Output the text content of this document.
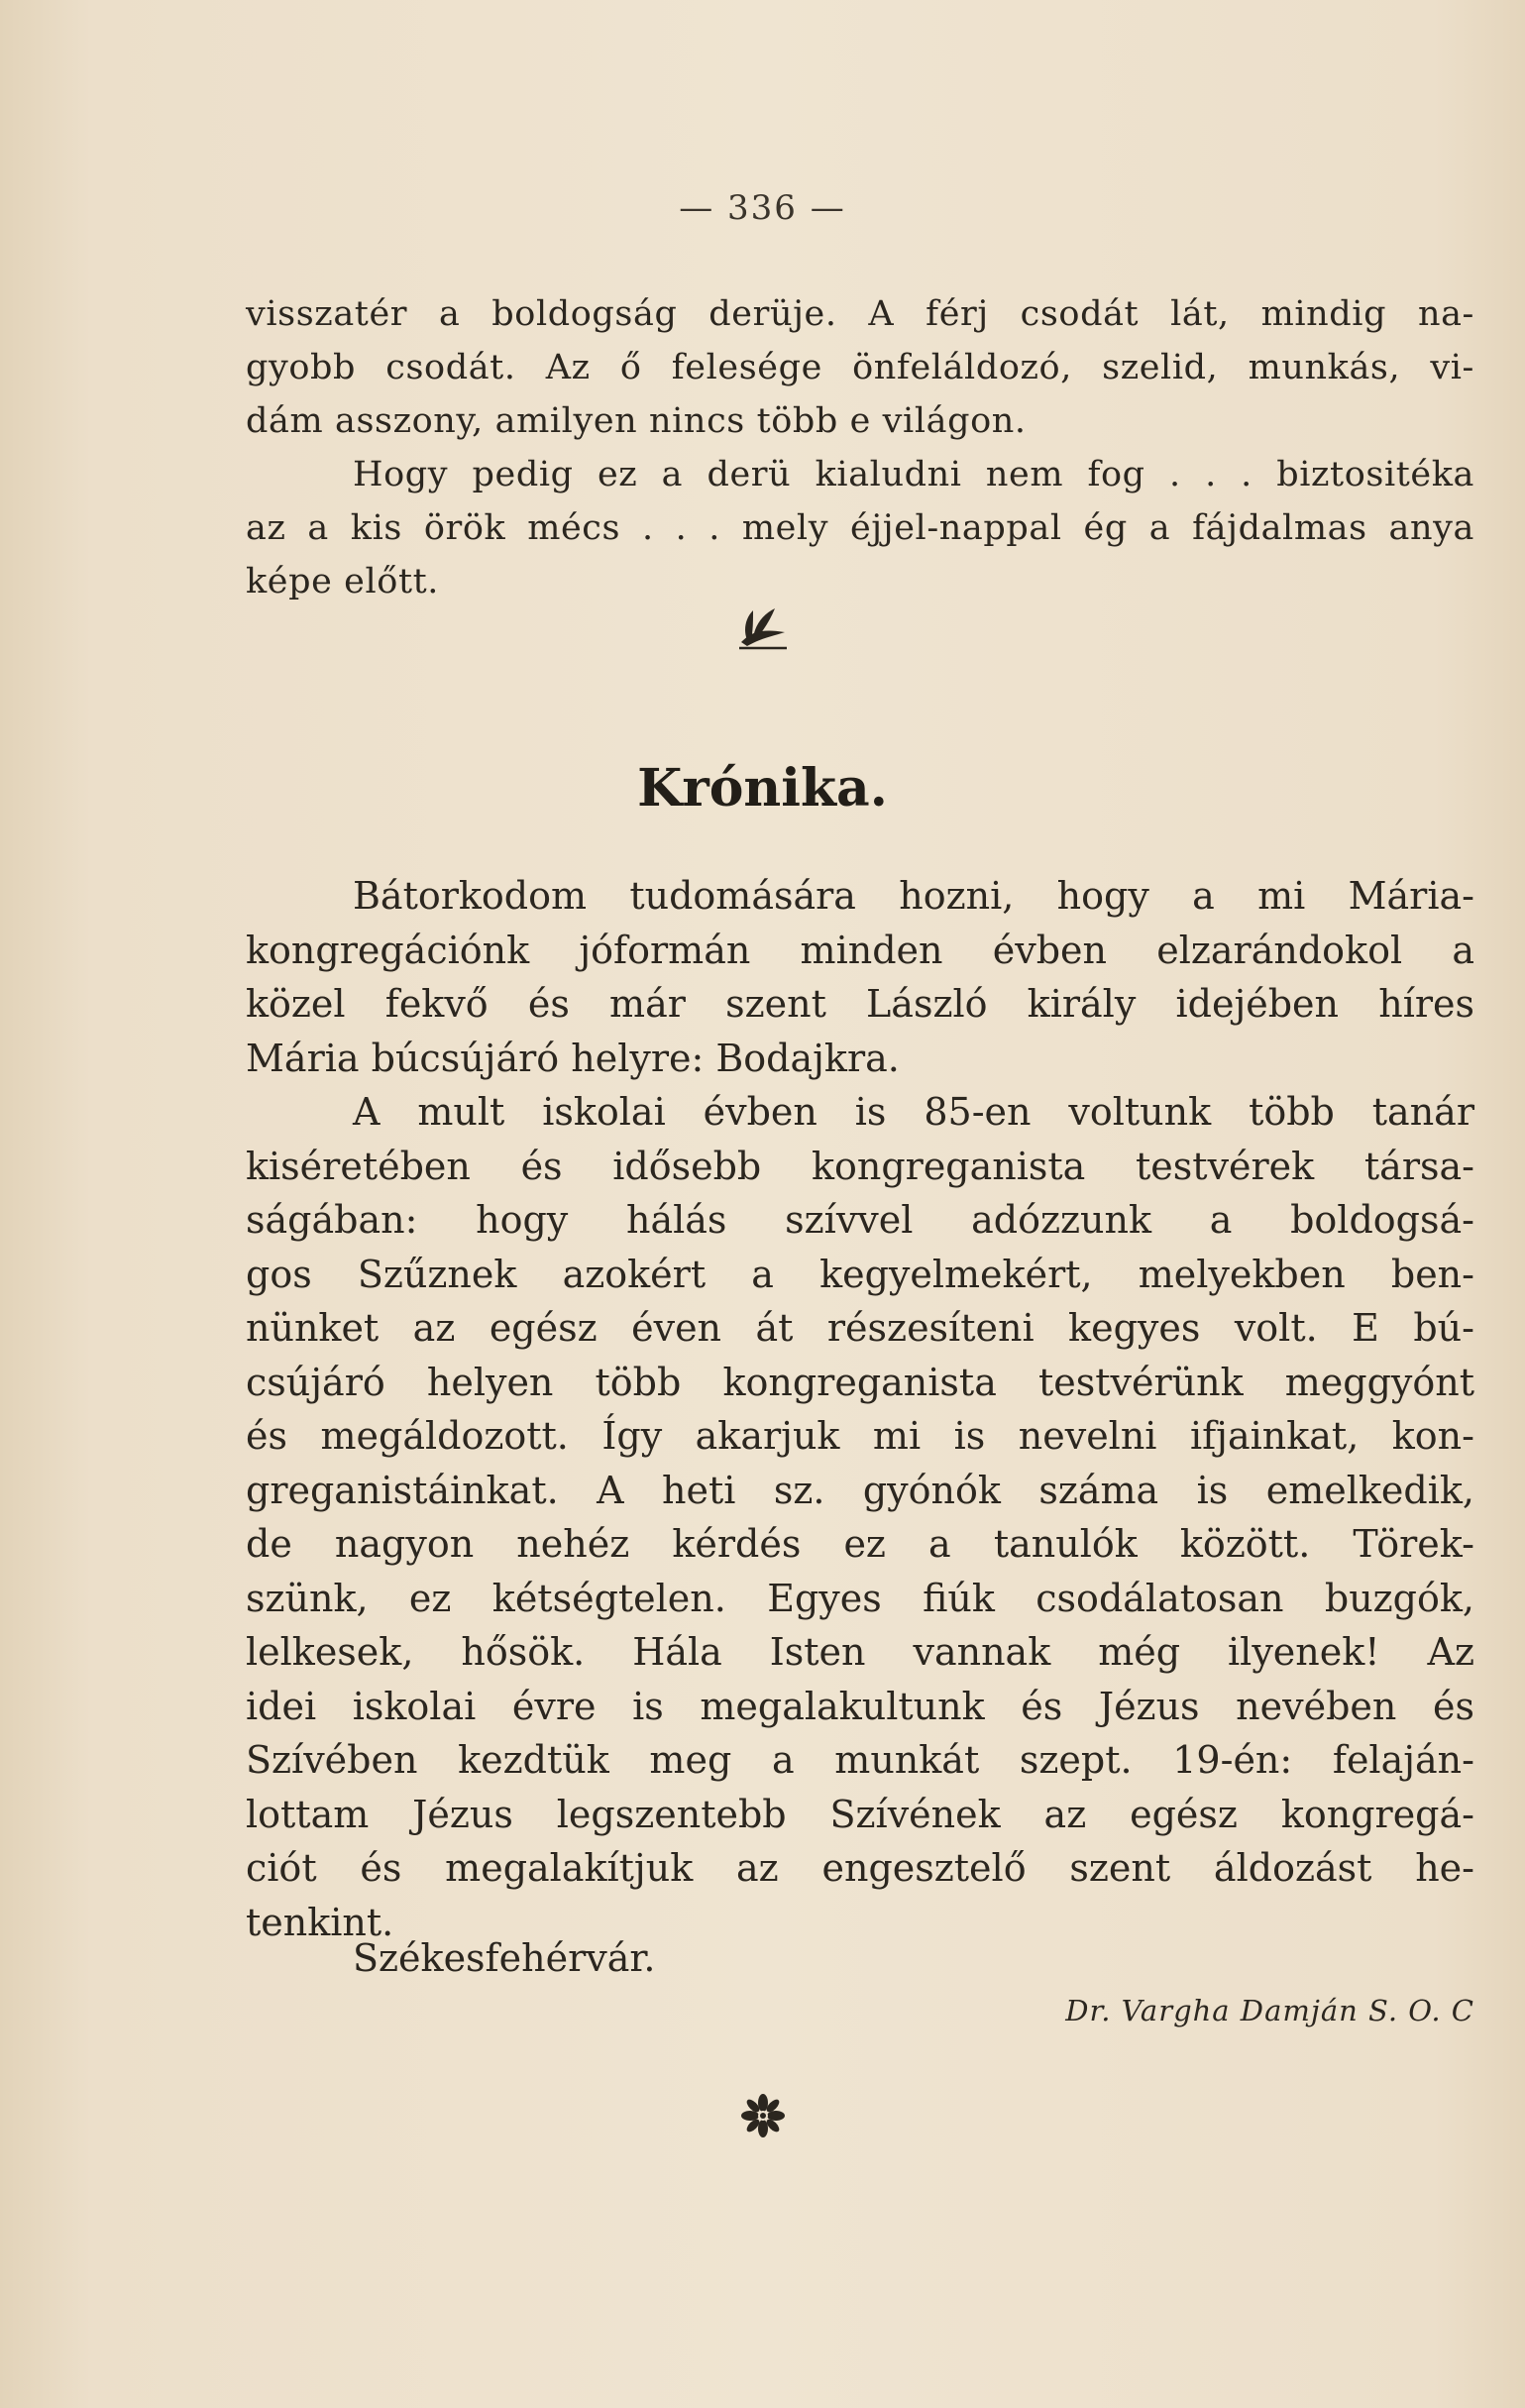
— 336 —
visszatér a boldogság derüje. A férj csodát lát, mindig na-
gyobb csodát. Az ő felesége önfeláldozó, szelid, munkás, vi-
dám asszony, amilyen nincs több e világon.
Hogy pedig ez a derü kialudni nem fog . . . biztositéka
az a kis örök mécs . . . mely éjjel-nappal ég a fájdalmas anya
képe előtt.
Krónika.
Bátorkodom tudomására hozni, hogy a mi Mária-
kongregációnk jóformán minden évben elzarándokol a
közel fekvő és már szent László király idejében híres
Mária búcsújáró helyre: Bodajkra.
A mult iskolai évben is 85-en voltunk több tanár
kiséretében és idősebb kongreganista testvérek társa-
ságában: hogy hálás szívvel adózzunk a boldogsá-
gos Szűznek azokért a kegyelmekért, melyekben ben-
nünket az egész éven át részesíteni kegyes volt. E bú-
csújáró helyen több kongreganista testvérünk meggyónt
és megáldozott. Így akarjuk mi is nevelni ifjainkat, kon-
greganistáinkat. A heti sz. gyónók száma is emelkedik,
de nagyon nehéz kérdés ez a tanulók között. Törek-
szünk, ez kétségtelen. Egyes fiúk csodálatosan buzgók,
lelkesek, hősök. Hála Isten vannak még ilyenek! Az
idei iskolai évre is megalakultunk és Jézus nevében és
Szívében kezdtük meg a munkát szept. 19-én: felaján-
lottam Jézus legszentebb Szívének az egész kongregá-
ciót és megalakítjuk az engesztelő szent áldozást he-
tenkint.
Székesfehérvár.
Dr. Vargha Damján S. O. C
